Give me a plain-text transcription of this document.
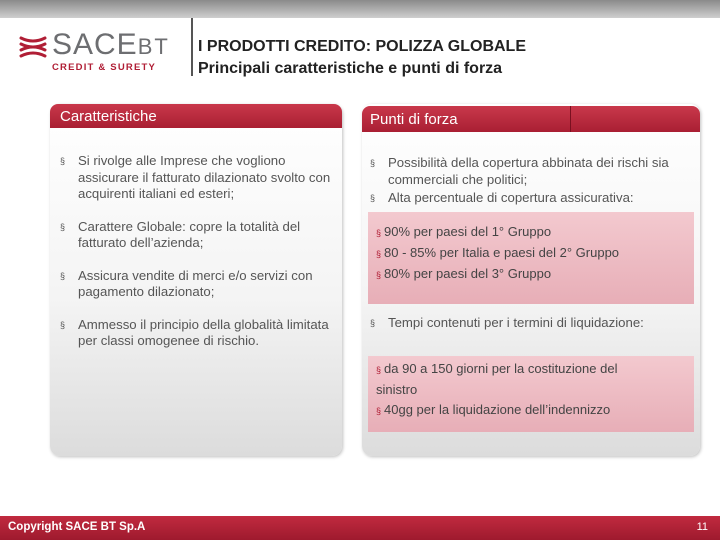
SACEBT
CREDIT & SURETY
I PRODOTTI CREDITO: POLIZZA GLOBALE
Principali caratteristiche e punti di forza
Caratteristiche	Punti di forza
§ Si rivolge alle Imprese che vogliono assicurare il fatturato dilazionato svolto con acquirenti italiani ed esteri;
§ Carattere Globale: copre la totalità del fatturato dell’azienda;
§ Assicura vendite di merci e/o servizi con pagamento dilazionato;
§ Ammesso il principio della globalità limitata per classi omogenee di rischio.
§ Possibilità della copertura abbinata dei rischi sia commerciali che politici;
§ Alta percentuale di copertura assicurativa:
§ 90% per paesi del 1° Gruppo
§ 80 - 85% per Italia e paesi del 2° Gruppo
§ 80% per paesi del 3° Gruppo
§ Tempi contenuti per i termini di liquidazione:
§ da 90 a 150 giorni per la costituzione del
sinistro
§ 40gg per la liquidazione dell’indennizzo
Copyright SACE BT Sp.A	11
